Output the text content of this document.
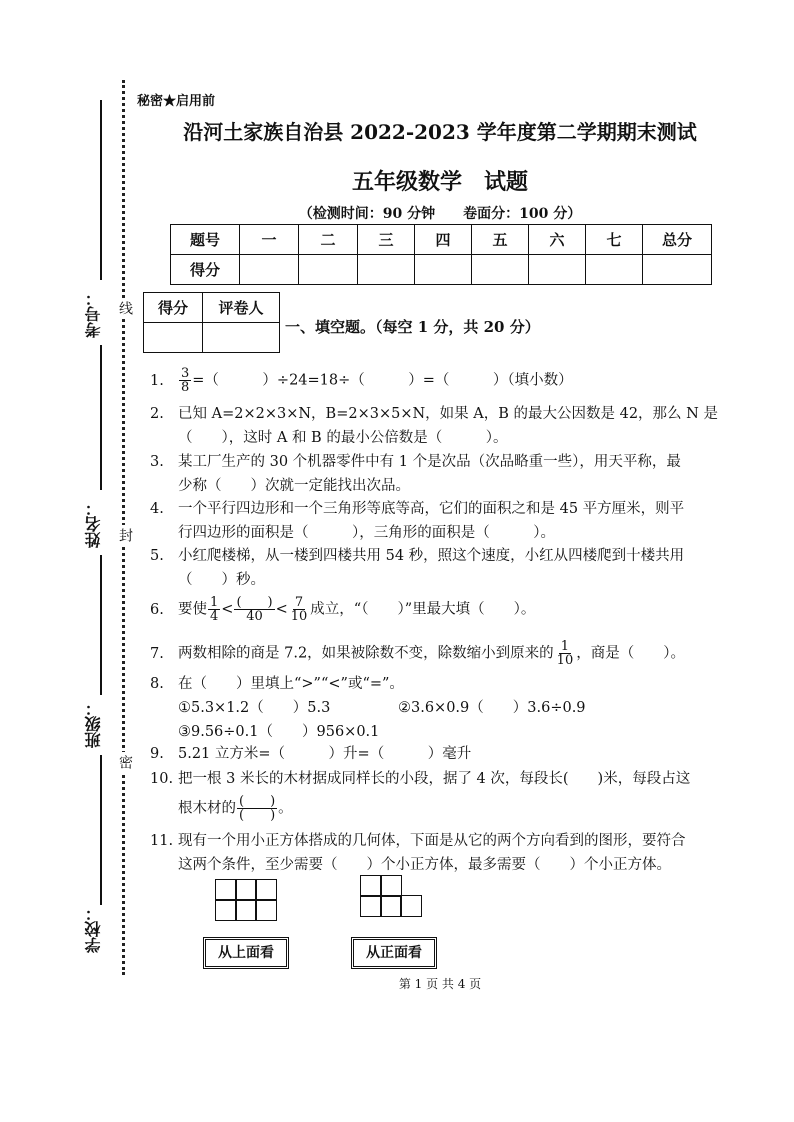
考号：
姓名：
班级：
学校：
线
封
密
秘密★启用前
沿河土家族自治县 2022-2023 学年度第二学期期末测试
五年级数学　试题
（检测时间：90 分钟　　卷面分：100 分）
题号	一	二	三	四	五	六	七	总分
得分								
得分	评卷人

一、填空题。（每空 1 分，共 20 分）
1. $\frac{3}{8}$ =（　　　）÷24=18÷（　　　）=（　　　）（填小数）
2. 已知 A=2×2×3×N，B=2×3×5×N，如果 A，B 的最大公因数是 42，那么 N 是
（　　），这时 A 和 B 的最小公倍数是（　　　）。
3. 某工厂生产的 30 个机器零件中有 1 个是次品（次品略重一些），用天平称，最
少称（　　）次就一定能找出次品。
4. 一个平行四边形和一个三角形等底等高，它们的面积之和是 45 平方厘米，则平
行四边形的面积是（　　　），三角形的面积是（　　　）。
5. 小红爬楼梯，从一楼到四楼共用 54 秒，照这个速度，小红从四楼爬到十楼共用
（　　）秒。
6. 要使 $\frac{1}{4} < \frac{( )}{40} < \frac{7}{10}$ 成立，“（　　）”里最大填（　　）。
7. 两数相除的商是 7.2，如果被除数不变，除数缩小到原来的 $\frac{1}{10}$ ，商是（　　）。
8. 在（　　）里填上“>”“<”或“=”。
①5.3×1.2（　　）5.3	②3.6×0.9（　　）3.6÷0.9
③9.56÷0.1（　　）956×0.1
9. 5.21 立方米=（　　　）升=（　　　）毫升
10. 把一根 3 米长的木材据成同样长的小段，据了 4 次，每段长(　　)米，每段占这
根木材的 $\frac{( )}{( )}$ 。
11. 现有一个用小正方体搭成的几何体，下面是从它的两个方向看到的图形，要符合
这两个条件，至少需要（　　）个小正方体，最多需要（　　）个小正方体。
从上面看	从正面看
第 1 页 共 4 页
